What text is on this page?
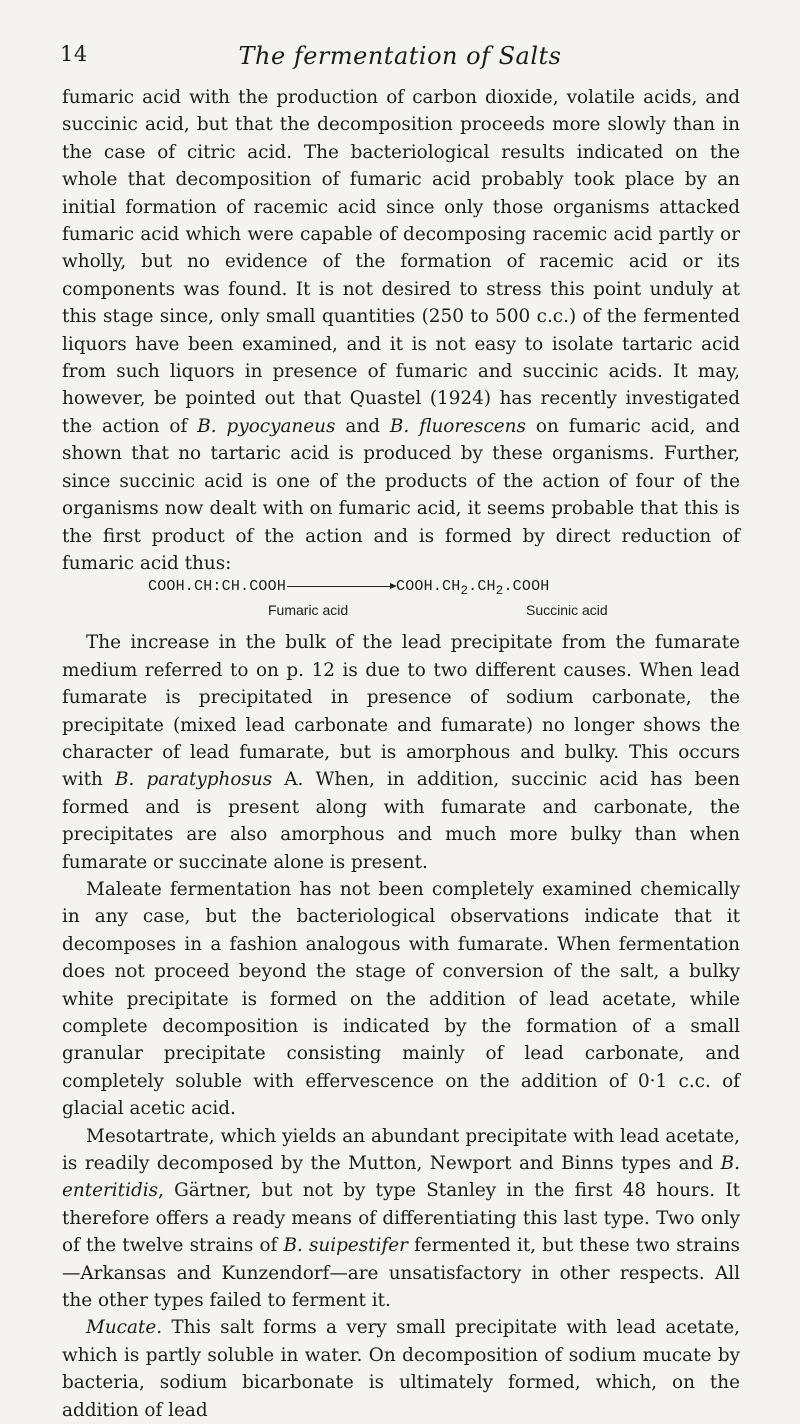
14	The fermentation of Salts

fumaric acid with the production of carbon dioxide, volatile acids, and succinic acid, but that the decomposition proceeds more slowly than in the case of citric acid. The bacteriological results indicated on the whole that decomposition of fumaric acid probably took place by an initial formation of racemic acid since only those organisms attacked fumaric acid which were capable of decomposing racemic acid partly or wholly, but no evidence of the formation of racemic acid or its components was found. It is not desired to stress this point unduly at this stage since, only small quantities (250 to 500 c.c.) of the fermented liquors have been examined, and it is not easy to isolate tartaric acid from such liquors in presence of fumaric and succinic acids. It may, however, be pointed out that Quastel (1924) has recently investigated the action of B. pyocyaneus and B. fluorescens on fumaric acid, and shown that no tartaric acid is produced by these organisms. Further, since succinic acid is one of the products of the action of four of the organisms now dealt with on fumaric acid, it seems probable that this is the first product of the action and is formed by direct reduction of fumaric acid thus:

COOH.CH:CH.COOH	$COOH.CH_2.CH_2.COOH$
Fumaric acid	Succinic acid

The increase in the bulk of the lead precipitate from the fumarate medium referred to on p. 12 is due to two different causes. When lead fumarate is precipitated in presence of sodium carbonate, the precipitate (mixed lead carbonate and fumarate) no longer shows the character of lead fumarate, but is amorphous and bulky. This occurs with B. paratyphosus A. When, in addition, succinic acid has been formed and is present along with fumarate and carbonate, the precipitates are also amorphous and much more bulky than when fumarate or succinate alone is present.

Maleate fermentation has not been completely examined chemically in any case, but the bacteriological observations indicate that it decomposes in a fashion analogous with fumarate. When fermentation does not proceed beyond the stage of conversion of the salt, a bulky white precipitate is formed on the addition of lead acetate, while complete decomposition is indicated by the formation of a small granular precipitate consisting mainly of lead carbonate, and completely soluble with effervescence on the addition of 0·1 c.c. of glacial acetic acid.

Mesotartrate, which yields an abundant precipitate with lead acetate, is readily decomposed by the Mutton, Newport and Binns types and B. enteritidis, Gärtner, but not by type Stanley in the first 48 hours. It therefore offers a ready means of differentiating this last type. Two only of the twelve strains of B. suipestifer fermented it, but these two strains—Arkansas and Kunzendorf—are unsatisfactory in other respects. All the other types failed to ferment it.

Mucate. This salt forms a very small precipitate with lead acetate, which is partly soluble in water. On decomposition of sodium mucate by bacteria, sodium bicarbonate is ultimately formed, which, on the addition of lead
